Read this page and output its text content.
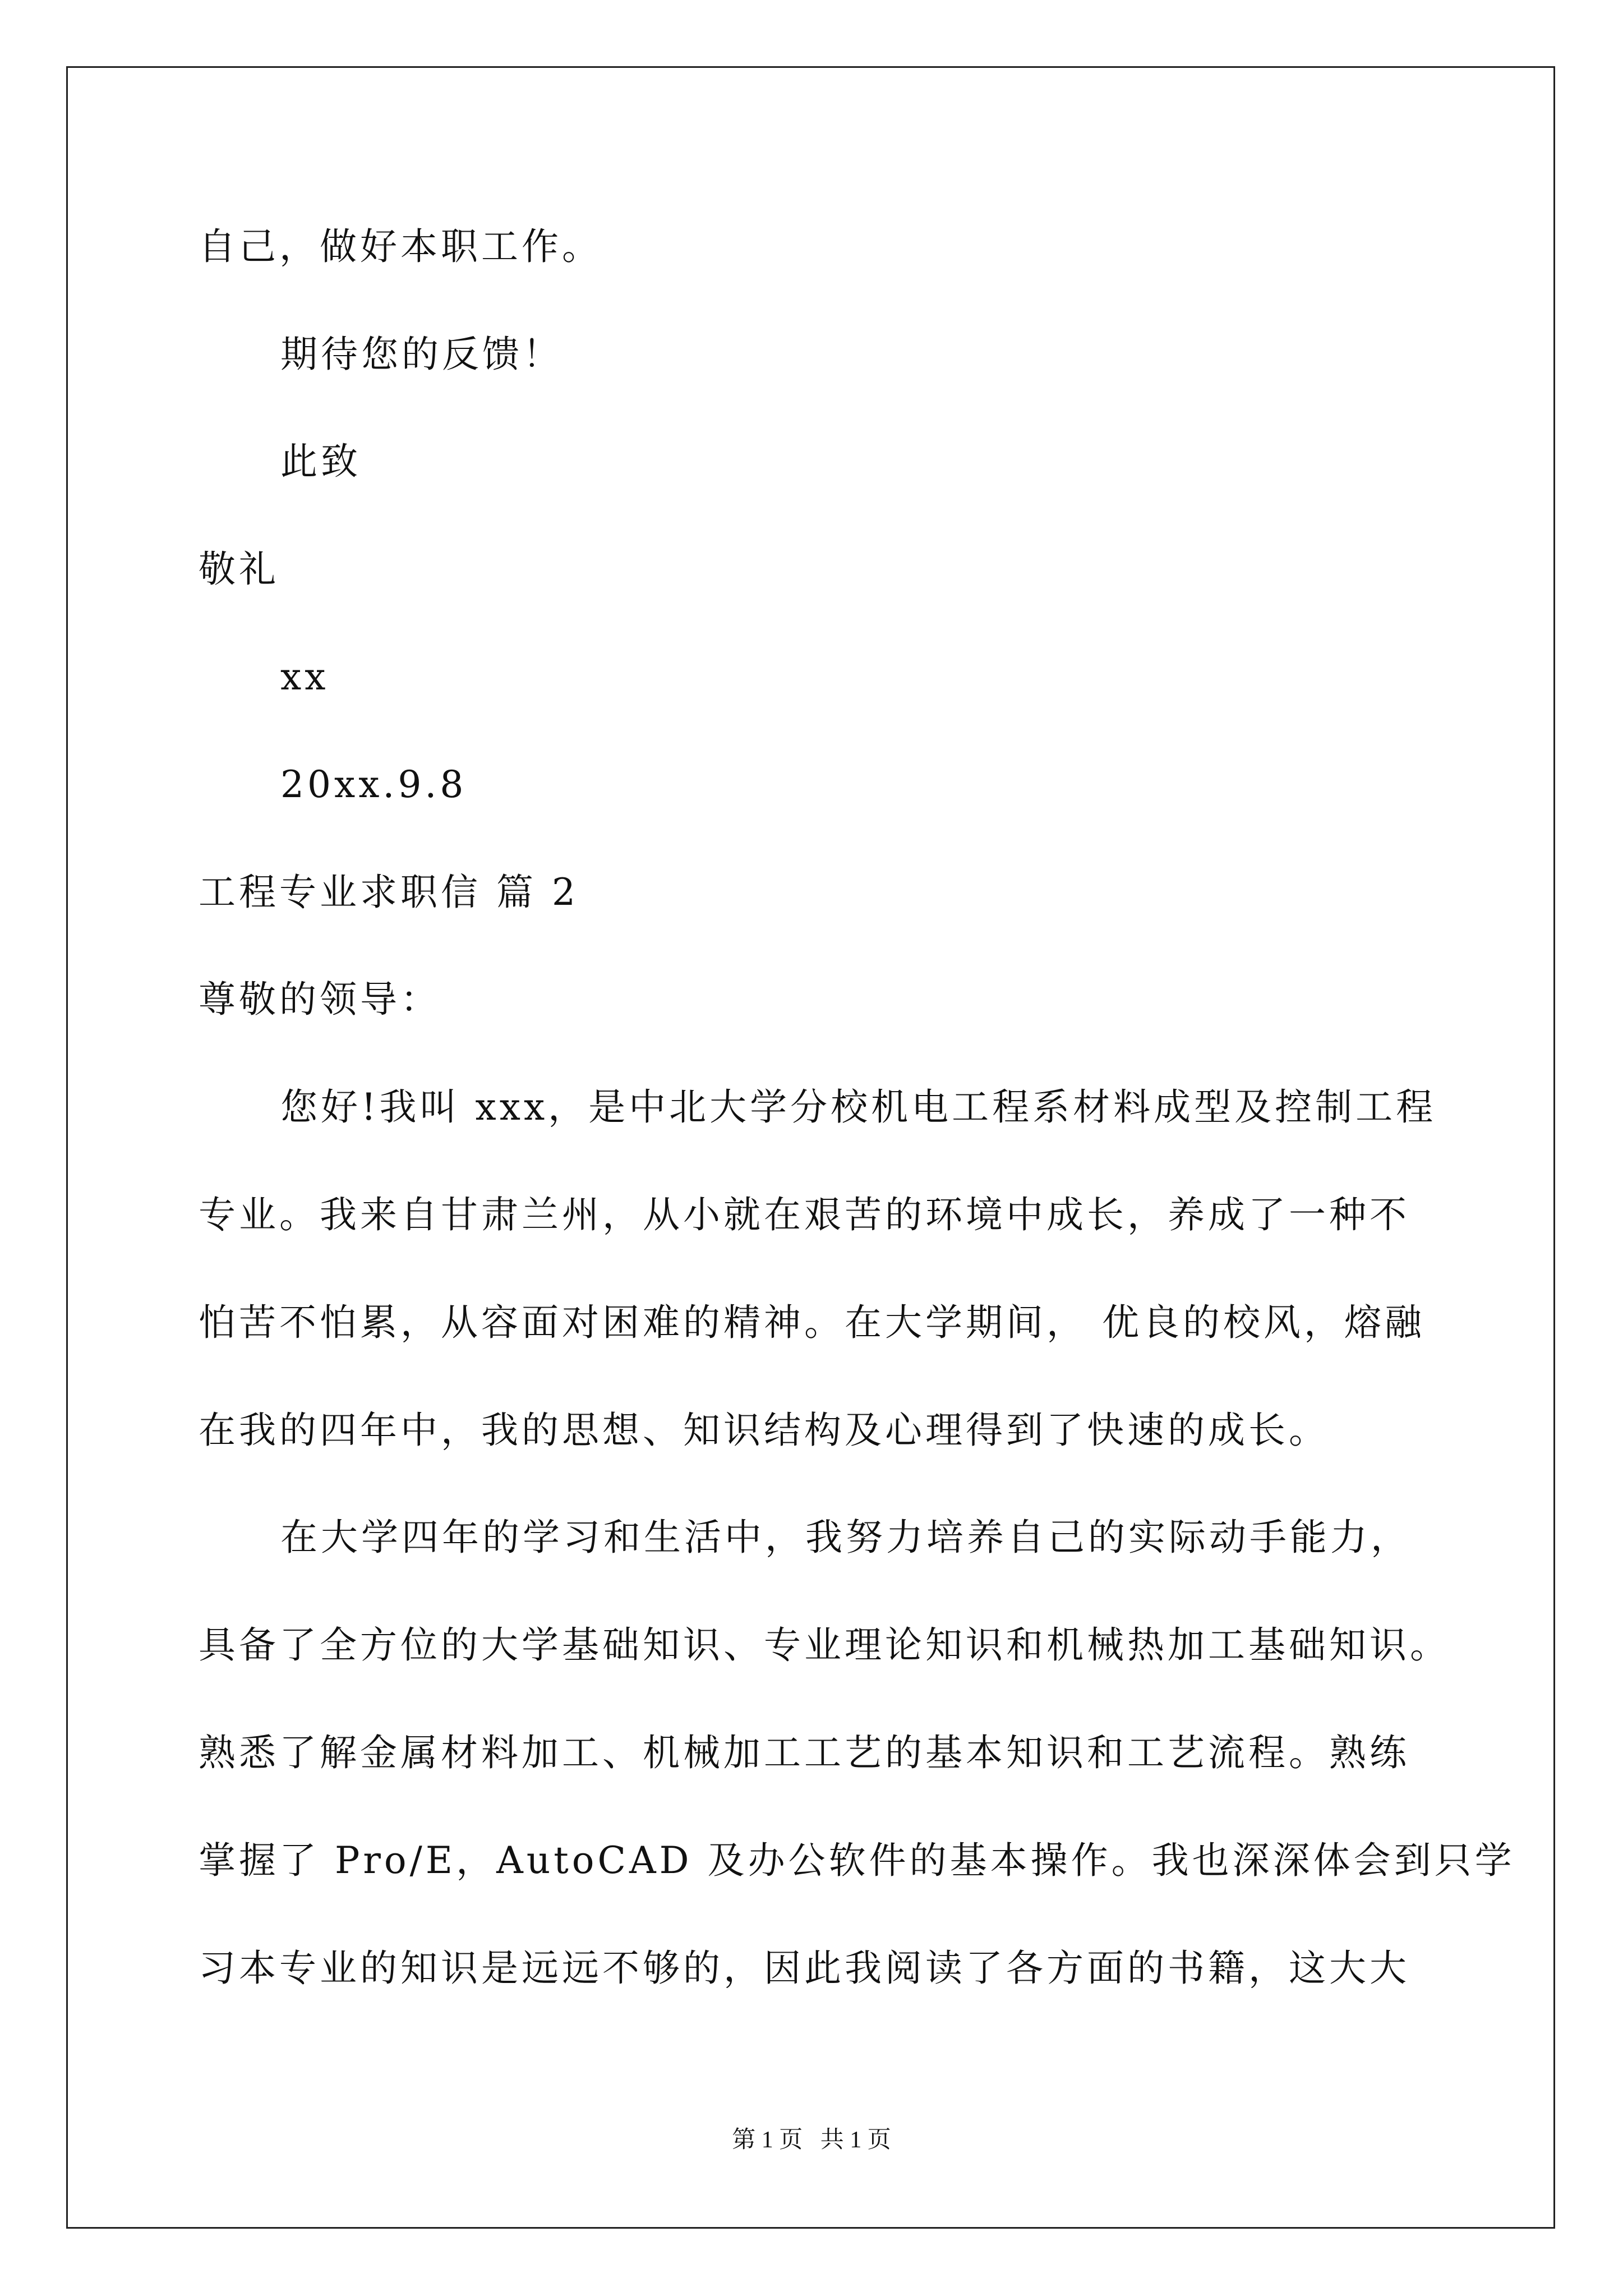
自己，做好本职工作。
期待您的反馈！
此致
敬礼
xx
20xx.9.8
工程专业求职信 篇 2
尊敬的领导：
您好!我叫 xxx，是中北大学分校机电工程系材料成型及控制工程
专业。我来自甘肃兰州，从小就在艰苦的环境中成长，养成了一种不
怕苦不怕累，从容面对困难的精神。在大学期间， 优良的校风，熔融
在我的四年中，我的思想、知识结构及心理得到了快速的成长。
在大学四年的学习和生活中，我努力培养自己的实际动手能力，
具备了全方位的大学基础知识、专业理论知识和机械热加工基础知识。
熟悉了解金属材料加工、机械加工工艺的基本知识和工艺流程。熟练
掌握了 Pro/E，AutoCAD 及办公软件的基本操作。我也深深体会到只学
习本专业的知识是远远不够的，因此我阅读了各方面的书籍，这大大
第 1 页   共 1 页
